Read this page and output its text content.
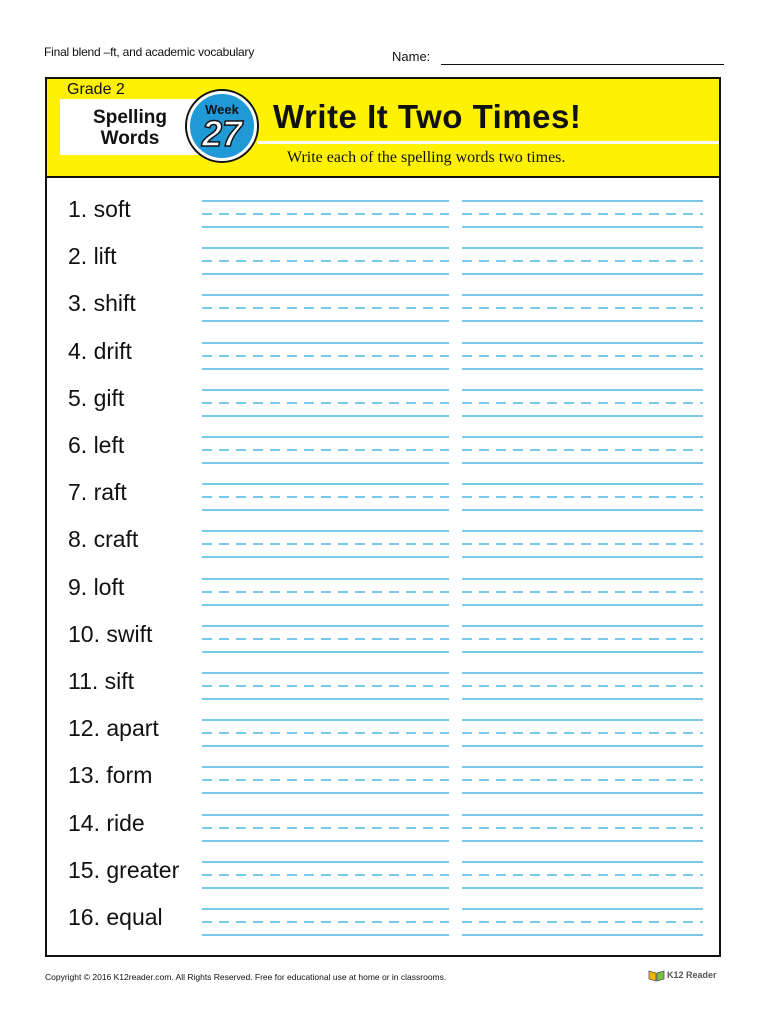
Final blend –ft, and academic vocabulary	Name:
Grade 2
Spelling Words
Week
27 Write It Two Times!
Write each of the spelling words two times.
1. soft
2. lift
3. shift
4. drift
5. gift
6. left
7. raft
8. craft
9. loft
10. swift
11. sift
12. apart
13. form
14. ride
15. greater
16. equal
Copyright © 2016 K12reader.com. All Rights Reserved. Free for educational use at home or in classrooms.	K12 Reader
